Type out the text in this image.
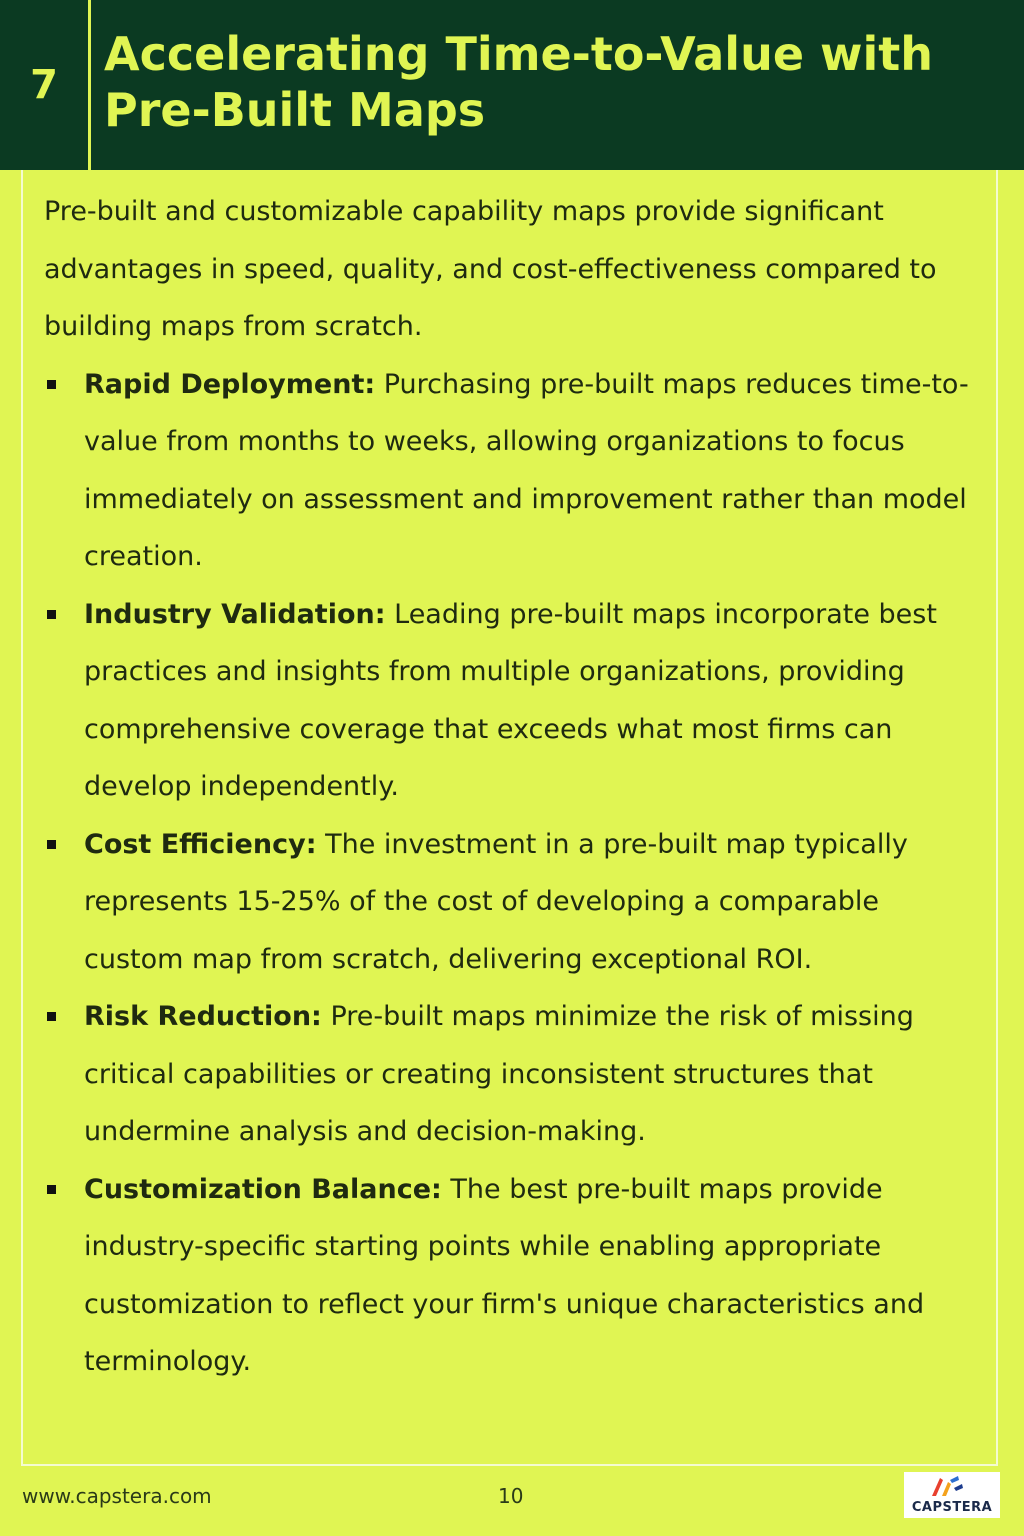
7
Accelerating Time-to-Value with Pre-Built Maps

Pre-built and customizable capability maps provide significant advantages in speed, quality, and cost-effectiveness compared to building maps from scratch.

Rapid Deployment: Purchasing pre-built maps reduces time-to-value from months to weeks, allowing organizations to focus immediately on assessment and improvement rather than model creation.
Industry Validation: Leading pre-built maps incorporate best practices and insights from multiple organizations, providing comprehensive coverage that exceeds what most firms can develop independently.
Cost Efficiency: The investment in a pre-built map typically represents 15-25% of the cost of developing a comparable custom map from scratch, delivering exceptional ROI.
Risk Reduction: Pre-built maps minimize the risk of missing critical capabilities or creating inconsistent structures that undermine analysis and decision-making.
Customization Balance: The best pre-built maps provide industry-specific starting points while enabling appropriate customization to reflect your firm's unique characteristics and terminology.
www.capstera.com	10	CAPSTERA
